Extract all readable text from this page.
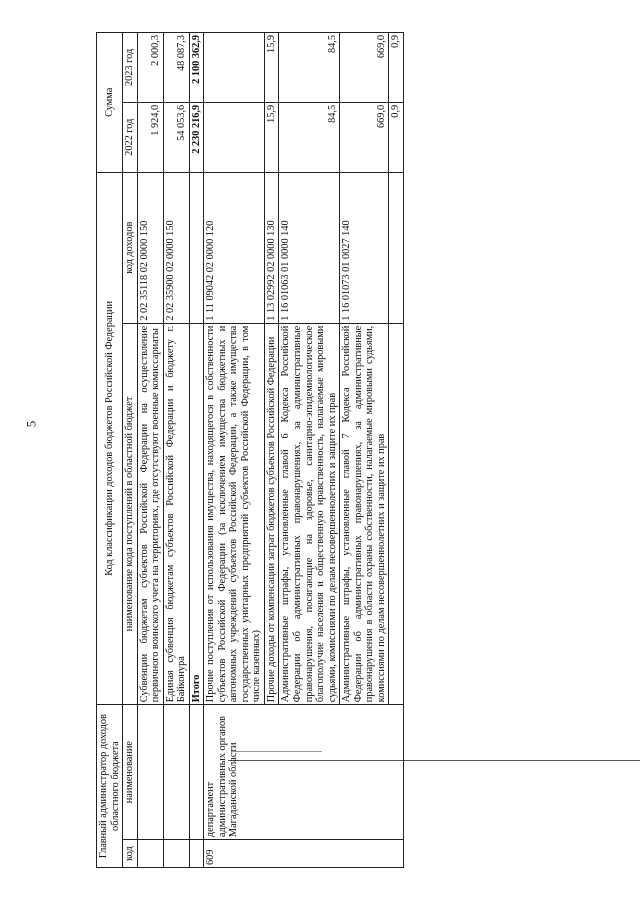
5
Главный администратор доходов областного бюджета		Код классификации доходов бюджетов Российской Федерации		Сумма	
код	наименование	наименование кода поступлений в областной бюджет	код доходов	2022 год	2023 год
		Субвенции бюджетам субъектов Российской Федерации на осуществление первичного воинского учета на территориях, где отсутствуют военные комиссариаты	2 02 35118 02 0000 150	1 924,0	2 000,3
		Единая субвенция бюджетам субъектов Российской Федерации и бюджету г. Байконура	2 02 35900 02 0000 150	54 053,6	48 087,3
		Итого		2 230 216,9	2 100 362,9
609	департамент административных органов Магаданской области	Прочие поступления от использования имущества, находящегося в собственности субъектов Российской Федерации (за исключением имущества бюджетных и автономных учреждений субъектов Российской Федерации, а также имущества государственных унитарных предприятий субъектов Российской Федерации, в том числе казенных)	1 11 09042 02 0000 120		
		Прочие доходы от компенсации затрат бюджетов субъектов Российской Федерации	1 13 02992 02 0000 130	15,9	15,9
		Административные штрафы, установленные главой 6 Кодекса Российской Федерации об административных правонарушениях, за административные правонарушения, посягающие на здоровье, санитарно-эпидемиологическое благополучие населения и общественную нравственность, налагаемые мировыми судьями, комиссиями по делам несовершеннолетних и защите их прав	1 16 01063 01 0000 140	84,5	84,5
		Административные штрафы, установленные главой 7 Кодекса Российской Федерации об административных правонарушениях, за административные правонарушения в области охраны собственности, налагаемые мировыми судьями, комиссиями по делам несовершеннолетних и защите их прав	1 16 01073 01 0027 140	669,0	669,0
				0,9	0,9
